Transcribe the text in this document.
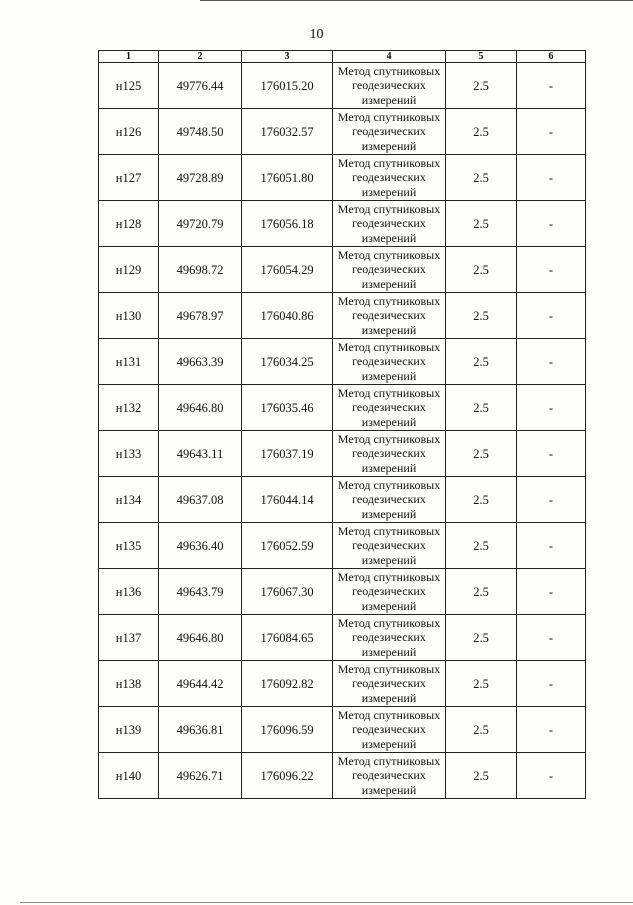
10
1	2	3	4	5	6
н125	49776.44	176015.20	Метод спутниковых геодезических измерений	2.5	-
н126	49748.50	176032.57	Метод спутниковых геодезических измерений	2.5	-
н127	49728.89	176051.80	Метод спутниковых геодезических измерений	2.5	-
н128	49720.79	176056.18	Метод спутниковых геодезических измерений	2.5	-
н129	49698.72	176054.29	Метод спутниковых геодезических измерений	2.5	-
н130	49678.97	176040.86	Метод спутниковых геодезических измерений	2.5	-
н131	49663.39	176034.25	Метод спутниковых геодезических измерений	2.5	-
н132	49646.80	176035.46	Метод спутниковых геодезических измерений	2.5	-
н133	49643.11	176037.19	Метод спутниковых геодезических измерений	2.5	-
н134	49637.08	176044.14	Метод спутниковых геодезических измерений	2.5	-
н135	49636.40	176052.59	Метод спутниковых геодезических измерений	2.5	-
н136	49643.79	176067.30	Метод спутниковых геодезических измерений	2.5	-
н137	49646.80	176084.65	Метод спутниковых геодезических измерений	2.5	-
н138	49644.42	176092.82	Метод спутниковых геодезических измерений	2.5	-
н139	49636.81	176096.59	Метод спутниковых геодезических измерений	2.5	-
н140	49626.71	176096.22	Метод спутниковых геодезических измерений	2.5	-
